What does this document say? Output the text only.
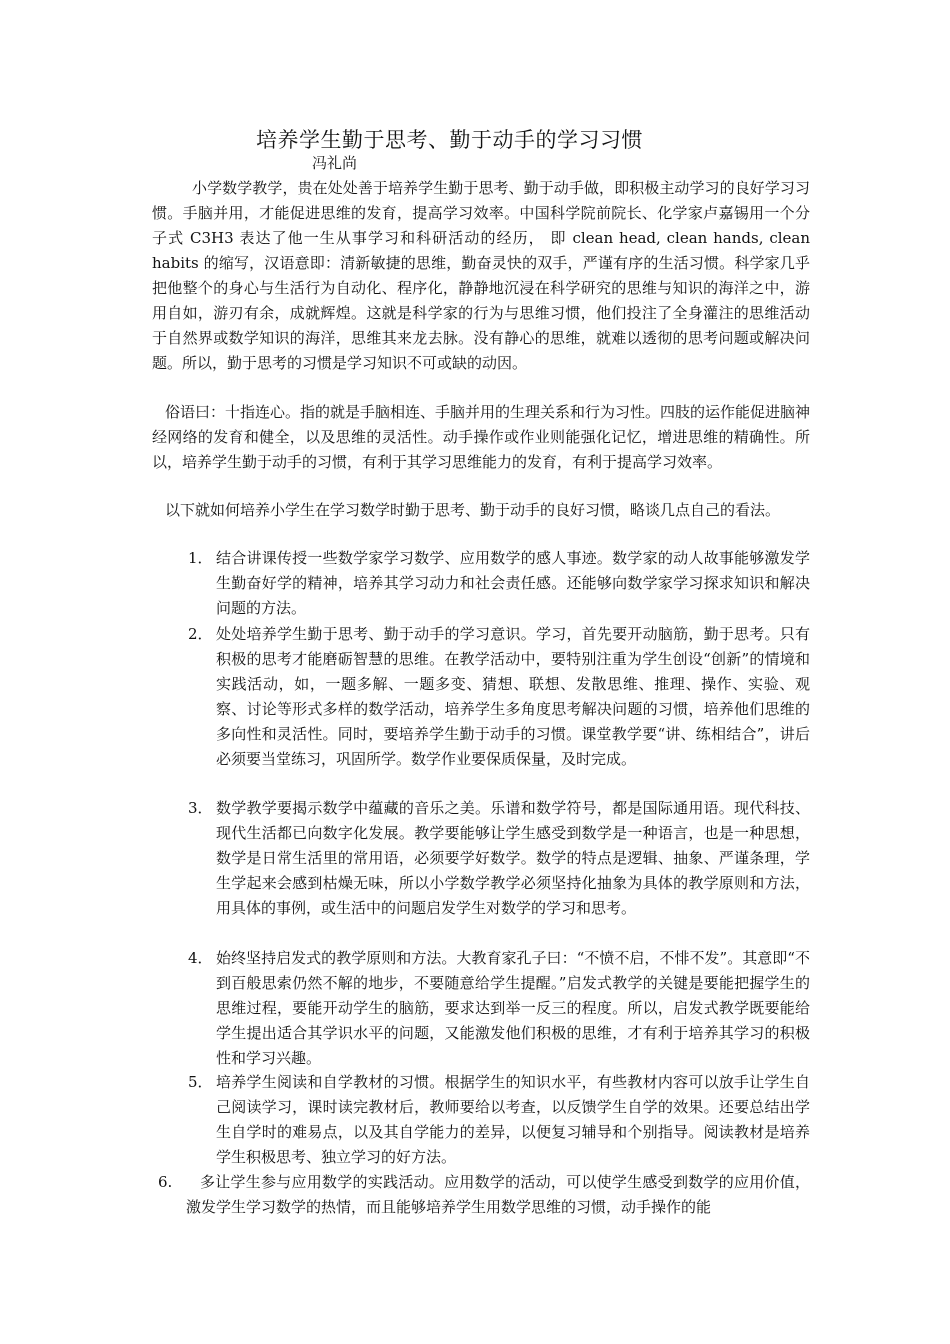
培养学生勤于思考、勤于动手的学习习惯
冯礼尚

小学数学教学，贵在处处善于培养学生勤于思考、勤于动手做，即积极主动学习的良好学习习惯。手脑并用，才能促进思维的发育，提高学习效率。中国科学院前院长、化学家卢嘉锡用一个分子式 C3H3 表达了他一生从事学习和科研活动的经历， 即 clean head, clean hands, clean habits 的缩写，汉语意即：清新敏捷的思维，勤奋灵快的双手，严谨有序的生活习惯。科学家几乎把他整个的身心与生活行为自动化、程序化，静静地沉浸在科学研究的思维与知识的海洋之中，游用自如，游刃有余，成就辉煌。这就是科学家的行为与思维习惯，他们投注了全身灌注的思维活动于自然界或数学知识的海洋，思维其来龙去脉。没有静心的思维，就难以透彻的思考问题或解决问题。所以，勤于思考的习惯是学习知识不可或缺的动因。

俗语曰：十指连心。指的就是手脑相连、手脑并用的生理关系和行为习性。四肢的运作能促进脑神经网络的发育和健全，以及思维的灵活性。动手操作或作业则能强化记忆，增进思维的精确性。所以，培养学生勤于动手的习惯，有利于其学习思维能力的发育，有利于提高学习效率。

以下就如何培养小学生在学习数学时勤于思考、勤于动手的良好习惯，略谈几点自己的看法。

1． 结合讲课传授一些数学家学习数学、应用数学的感人事迹。数学家的动人故事能够激发学生勤奋好学的精神，培养其学习动力和社会责任感。还能够向数学家学习探求知识和解决问题的方法。
2． 处处培养学生勤于思考、勤于动手的学习意识。学习，首先要开动脑筋，勤于思考。只有积极的思考才能磨砺智慧的思维。在教学活动中，要特别注重为学生创设“创新”的情境和实践活动，如，一题多解、一题多变、猜想、联想、发散思维、推理、操作、实验、观察、讨论等形式多样的数学活动，培养学生多角度思考解决问题的习惯，培养他们思维的多向性和灵活性。同时，要培养学生勤于动手的习惯。课堂教学要“讲、练相结合”，讲后必须要当堂练习，巩固所学。数学作业要保质保量，及时完成。
3． 数学教学要揭示数学中蕴藏的音乐之美。乐谱和数学符号，都是国际通用语。现代科技、现代生活都已向数字化发展。教学要能够让学生感受到数学是一种语言，也是一种思想，数学是日常生活里的常用语，必须要学好数学。数学的特点是逻辑、抽象、严谨条理，学生学起来会感到枯燥无味，所以小学数学教学必须坚持化抽象为具体的教学原则和方法，用具体的事例，或生活中的问题启发学生对数学的学习和思考。
4． 始终坚持启发式的教学原则和方法。大教育家孔子曰：“不愤不启，不悱不发”。其意即“不到百般思索仍然不解的地步，不要随意给学生提醒。”启发式教学的关键是要能把握学生的思维过程，要能开动学生的脑筋，要求达到举一反三的程度。所以，启发式教学既要能给学生提出适合其学识水平的问题，又能激发他们积极的思维，才有利于培养其学习的积极性和学习兴趣。
5． 培养学生阅读和自学教材的习惯。根据学生的知识水平，有些教材内容可以放手让学生自己阅读学习，课时读完教材后，教师要给以考查，以反馈学生自学的效果。还要总结出学生自学时的难易点，以及其自学能力的差异，以便复习辅导和个别指导。阅读教材是培养学生积极思考、独立学习的好方法。
6.	多让学生参与应用数学的实践活动。应用数学的活动，可以使学生感受到数学的应用价值，激发学生学习数学的热情，而且能够培养学生用数学思维的习惯，动手操作的能
